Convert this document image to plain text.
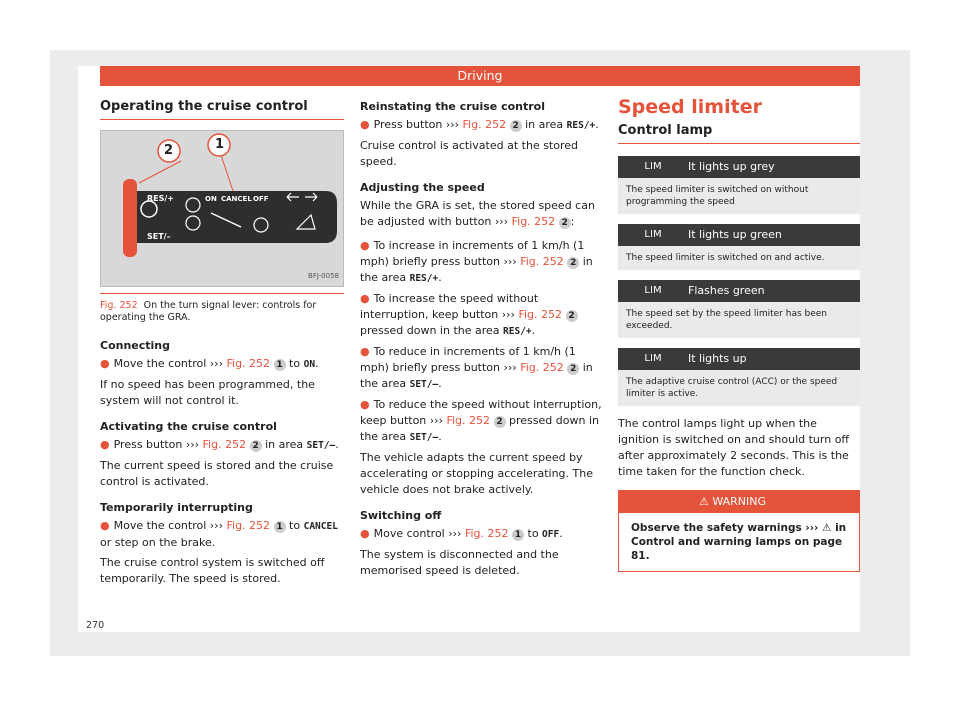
Driving
Operating the cruise control
2	1
RES/+
SET/–
ON CANCEL OFF
BFJ-0058
Fig. 252 On the turn signal lever: controls for operating the GRA.

Connecting

● Move the control ››› Fig. 252 1 to ON.

If no speed has been programmed, the system will not control it.

Activating the cruise control

● Press button ››› Fig. 252 2 in area SET/–.

The current speed is stored and the cruise control is activated.

Temporarily interrupting

● Move the control ››› Fig. 252 1 to CANCEL or step on the brake.

The cruise control system is switched off temporarily. The speed is stored.

Reinstating the cruise control

● Press button ››› Fig. 252 2 in area RES/+.

Cruise control is activated at the stored speed.

Adjusting the speed

While the GRA is set, the stored speed can be adjusted with button ››› Fig. 252 2 :

● To increase in increments of 1 km/h (1 mph) briefly press button ››› Fig. 252 2 in the area RES/+.

● To increase the speed without interruption, keep button ››› Fig. 252 2 pressed down in the area RES/+.

● To reduce in increments of 1 km/h (1 mph) briefly press button ››› Fig. 252 2 in the area SET/–.

● To reduce the speed without interruption, keep button ››› Fig. 252 2 pressed down in the area SET/–.

The vehicle adapts the current speed by accelerating or stopping accelerating. The vehicle does not brake actively.

Switching off

● Move control ››› Fig. 252 1 to OFF.

The system is disconnected and the memorised speed is deleted.

Speed limiter
Control lamp
LIM	It lights up grey
The speed limiter is switched on without programming the speed
LIM	It lights up green
The speed limiter is switched on and active.
LIM	Flashes green
The speed set by the speed limiter has been exceeded.
LIM	It lights up
The adaptive cruise control (ACC) or the speed limiter is active.

The control lamps light up when the ignition is switched on and should turn off after approximately 2 seconds. This is the time taken for the function check.

⚠ WARNING
Observe the safety warnings ››› ⚠ in Control and warning lamps on page 81.
270
